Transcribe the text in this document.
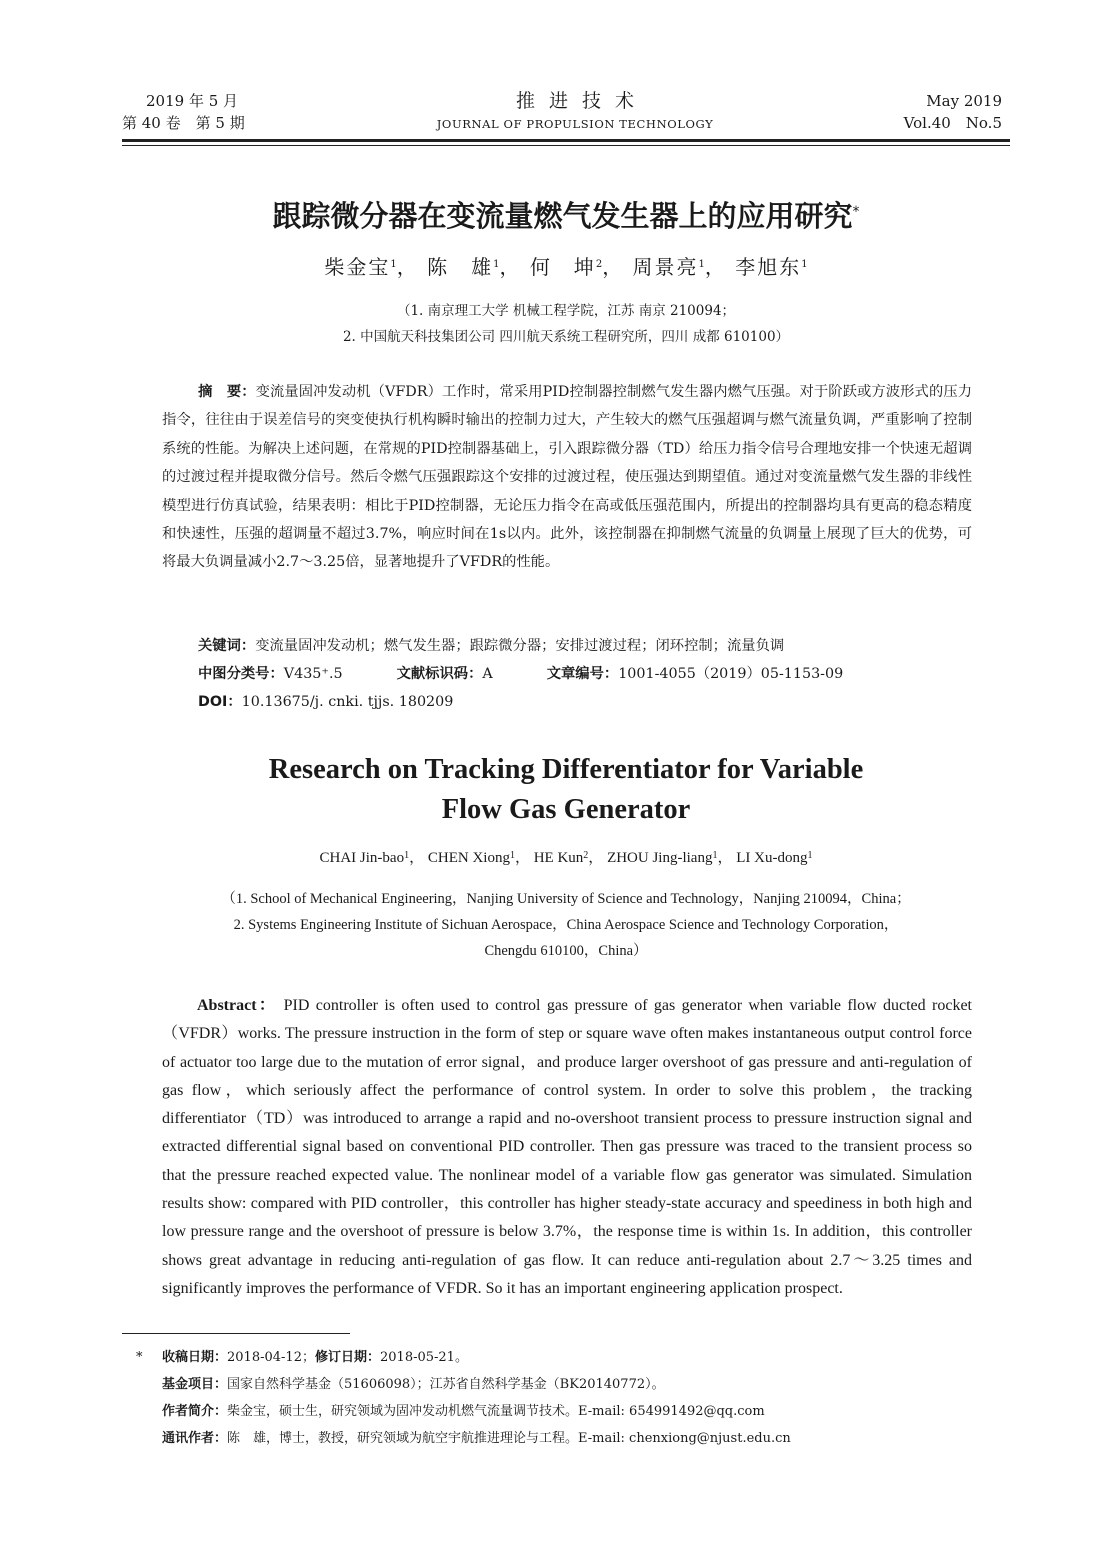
2019 年 5 月
第 40 卷　第 5 期
推进技术
JOURNAL OF PROPULSION TECHNOLOGY
May 2019
Vol.40　No.5
跟踪微分器在变流量燃气发生器上的应用研究*
柴金宝$^1$， 陈　雄$^1$， 何　坤$^2$， 周景亮$^1$， 李旭东$^1$
（1. 南京理工大学 机械工程学院，江苏 南京 210094；
2. 中国航天科技集团公司 四川航天系统工程研究所，四川 成都 610100）
摘　要：变流量固冲发动机（VFDR）工作时，常采用PID控制器控制燃气发生器内燃气压强。对于阶跃或方波形式的压力指令，往往由于误差信号的突变使执行机构瞬时输出的控制力过大，产生较大的燃气压强超调与燃气流量负调，严重影响了控制系统的性能。为解决上述问题，在常规的PID控制器基础上，引入跟踪微分器（TD）给压力指令信号合理地安排一个快速无超调的过渡过程并提取微分信号。然后令燃气压强跟踪这个安排的过渡过程，使压强达到期望值。通过对变流量燃气发生器的非线性模型进行仿真试验，结果表明：相比于PID控制器，无论压力指令在高或低压强范围内，所提出的控制器均具有更高的稳态精度和快速性，压强的超调量不超过3.7%，响应时间在1s以内。此外，该控制器在抑制燃气流量的负调量上展现了巨大的优势，可将最大负调量减小2.7～3.25倍，显著地提升了VFDR的性能。
关键词：变流量固冲发动机；燃气发生器；跟踪微分器；安排过渡过程；闭环控制；流量负调
中图分类号：V435⁺.5	文献标识码：A	文章编号：1001-4055（2019）05-1153-09
DOI：10.13675/j. cnki. tjjs. 180209
Research on Tracking Differentiator for Variable
Flow Gas Generator
CHAI Jin-bao$^1$， CHEN Xiong$^1$， HE Kun$^2$， ZHOU Jing-liang$^1$， LI Xu-dong$^1$
（1. School of Mechanical Engineering，Nanjing University of Science and Technology，Nanjing 210094，China；
2. Systems Engineering Institute of Sichuan Aerospace，China Aerospace Science and Technology Corporation，
Chengdu 610100，China）
Abstract： PID controller is often used to control gas pressure of gas generator when variable flow ducted rocket（VFDR）works. The pressure instruction in the form of step or square wave often makes instantaneous output control force of actuator too large due to the mutation of error signal，and produce larger overshoot of gas pressure and anti-regulation of gas flow，which seriously affect the performance of control system. In order to solve this problem，the tracking differentiator（TD）was introduced to arrange a rapid and no-overshoot transient process to pressure instruction signal and extracted differential signal based on conventional PID controller. Then gas pressure was traced to the transient process so that the pressure reached expected value. The nonlinear model of a variable flow gas generator was simulated. Simulation results show: compared with PID controller，this controller has higher steady-state accuracy and speediness in both high and low pressure range and the overshoot of pressure is below 3.7%，the response time is within 1s. In addition，this controller shows great advantage in reducing anti-regulation of gas flow. It can reduce anti-regulation about 2.7～3.25 times and significantly improves the performance of VFDR. So it has an important engineering application prospect.
* 收稿日期：2018-04-12；修订日期：2018-05-21。
基金项目：国家自然科学基金（51606098）；江苏省自然科学基金（BK20140772）。
作者简介：柴金宝，硕士生，研究领域为固冲发动机燃气流量调节技术。E-mail: 654991492@qq.com
通讯作者：陈　雄，博士，教授，研究领域为航空宇航推进理论与工程。E-mail: chenxiong@njust.edu.cn
